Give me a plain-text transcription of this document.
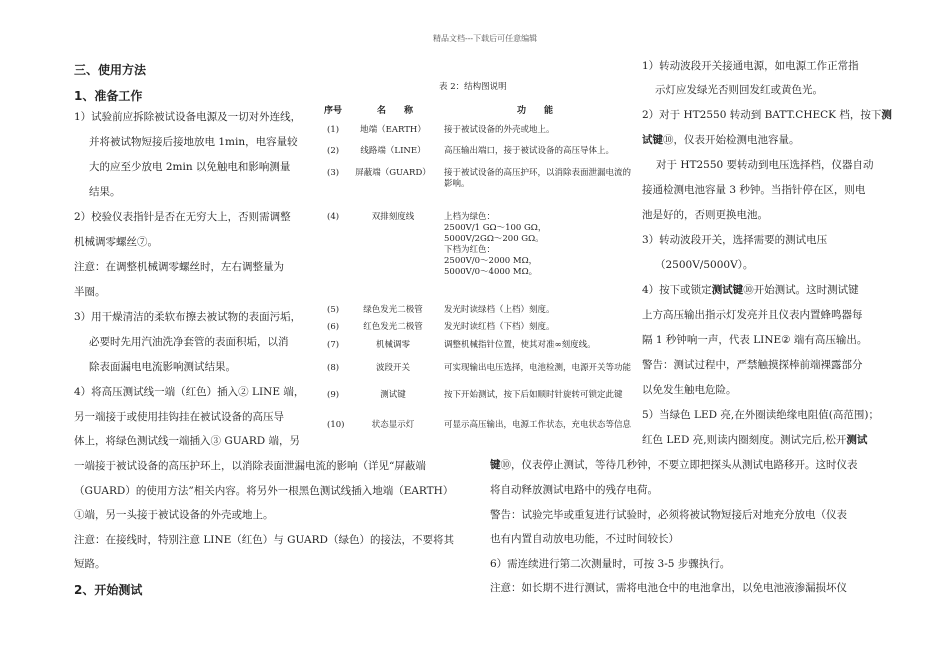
精品文档---下载后可任意编辑
三、使用方法
1、准备工作
1）试验前应拆除被试设备电源及一切对外连线，
并将被试物短接后接地放电 1min，电容量较
大的应至少放电 2min 以免触电和影响测量
结果。
2）校验仪表指针是否在无穷大上，否则需调整
机械调零螺丝⑦。
注意：在调整机械调零螺丝时，左右调整量为
半圈。
3）用干燥清洁的柔软布擦去被试物的表面污垢，
必要时先用汽油洗净套管的表面积垢，以消
除表面漏电电流影响测试结果。
4）将高压测试线一端（红色）插入② LINE 端，
另一端接于或使用挂钩挂在被试设备的高压导
体上，将绿色测试线一端插入③ GUARD 端，另
一端接于被试设备的高压护环上，以消除表面泄漏电流的影响（详见“屏蔽端
（GUARD）的使用方法”相关内容。将另外一根黑色测试线插入地端（EARTH）
①端，另一头接于被试设备的外壳或地上。
注意：在接线时，特别注意 LINE（红色）与 GUARD（绿色）的接法，不要将其
短路。
2、开始测试
表 2：结构图说明
序号	名　　称	功　　能
(1)	地端（EARTH）	接于被试设备的外壳或地上。
(2)	线路端（LINE）	高压输出端口，接于被试设备的高压导体上。
(3)	屏蔽端（GUARD）	接于被试设备的高压护环，以消除表面泄漏电流的影响。
(4)	双排刻度线	上档为绿色：
2500V/1 GΩ～100 GΩ，
5000V/2GΩ～200 GΩ。
下档为红色：
2500V/0～2000 MΩ，
5000V/0～4000 MΩ。
(5)	绿色发光二极管	发光时读绿档（上档）刻度。
(6)	红色发光二极管	发光时读红档（下档）刻度。
(7)	机械调零	调整机械指针位置，使其对准∞刻度线。
(8)	波段开关	可实现输出电压选择，电池检测，电源开关等功能
(9)	测试键	按下开始测试，按下后如顺时针旋转可锁定此键
(10)	状态显示灯	可显示高压输出，电源工作状态，充电状态等信息
1）转动波段开关接通电源，如电源工作正常指
示灯应发绿光否则回发红或黄色光。
2）对于 HT2550 转动到 BATT.CHECK 档，按下测
试键⑩，仪表开始检测电池容量。
对于 HT2550 要转动到电压选择档，仪器自动
接通检测电池容量 3 秒钟。当指针停在区，则电
池是好的，否则更换电池。
3）转动波段开关，选择需要的测试电压
（2500V/5000V）。
4）按下或锁定测试键⑩开始测试。这时测试键
上方高压输出指示灯发亮并且仪表内置蜂鸣器每
隔 1 秒钟响一声，代表 LINE② 端有高压输出。
警告：测试过程中，严禁触摸探棒前端裸露部分
以免发生触电危险。
5）当绿色 LED 亮,在外圈读绝缘电阻值(高范围)；
红色 LED 亮,则读内圈刻度。测试完后,松开测试
键⑩，仪表停止测试，等待几秒钟，不要立即把探头从测试电路移开。这时仪表
将自动释放测试电路中的残存电荷。
警告：试验完毕或重复进行试验时，必须将被试物短接后对地充分放电（仪表
也有内置自动放电功能，不过时间较长）
6）需连续进行第二次测量时，可按 3-5 步骤执行。
注意：如长期不进行测试，需将电池仓中的电池拿出，以免电池液渗漏损坏仪
